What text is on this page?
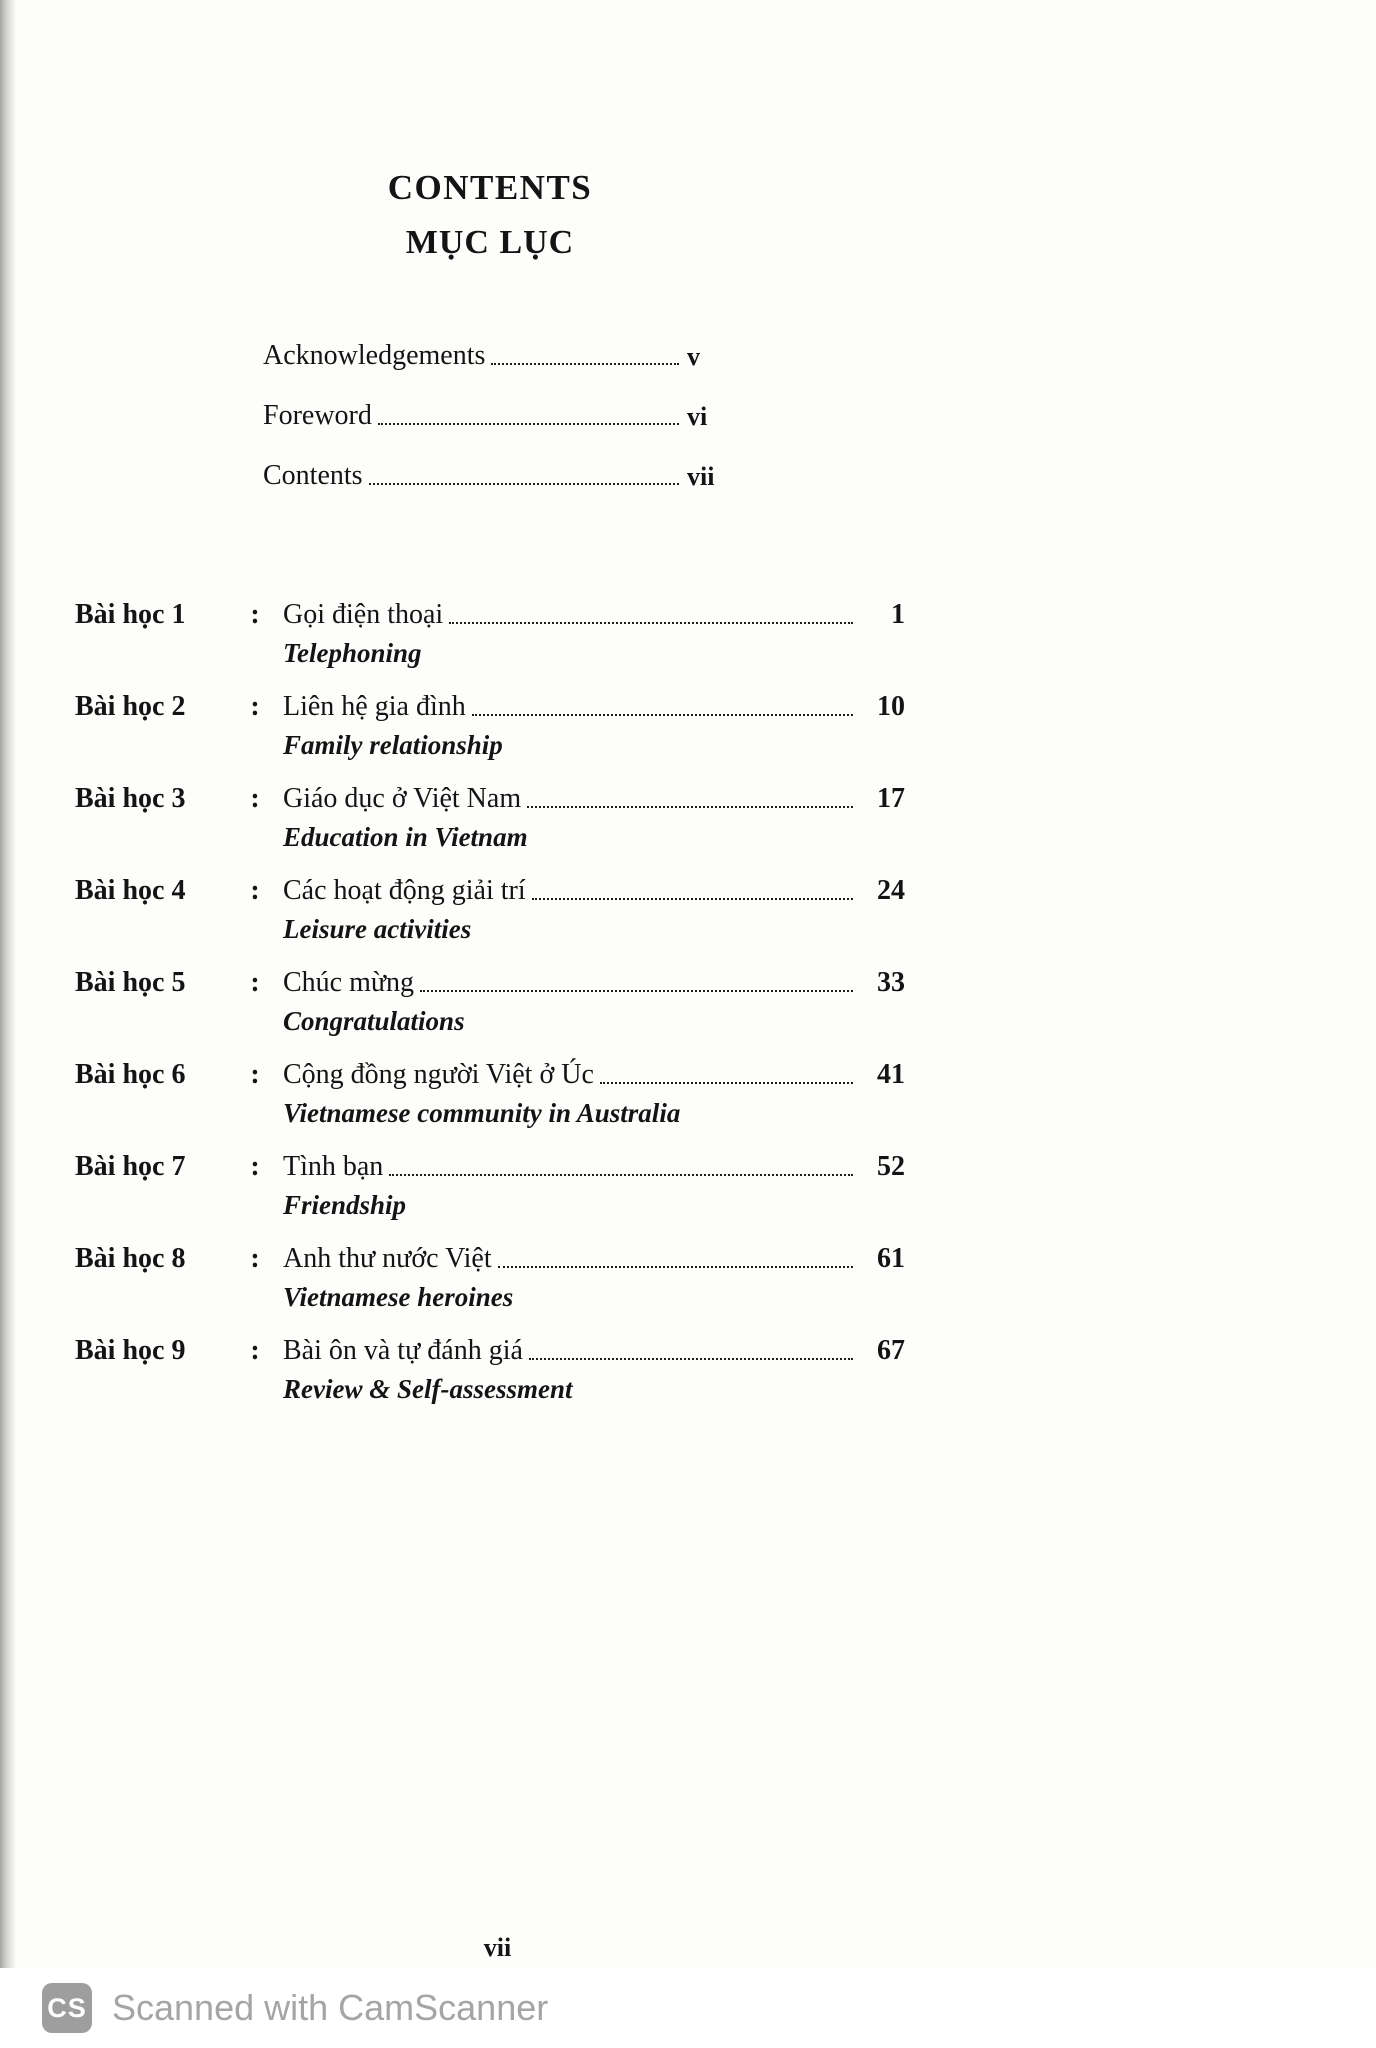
CONTENTS
MỤC LỤC
Acknowledgements	v
Foreword	vi
Contents	vii
Bài học 1	: Gọi điện thoại	1
Telephoning
Bài học 2	: Liên hệ gia đình	10
Family relationship
Bài học 3	: Giáo dục ở Việt Nam	17
Education in Vietnam
Bài học 4	: Các hoạt động giải trí	24
Leisure activities
Bài học 5	: Chúc mừng	33
Congratulations
Bài học 6	: Cộng đồng người Việt ở Úc	41
Vietnamese community in Australia
Bài học 7	: Tình bạn	52
Friendship
Bài học 8	: Anh thư nước Việt	61
Vietnamese heroines
Bài học 9	: Bài ôn và tự đánh giá	67
Review & Self-assessment
vii
CS Scanned with CamScanner
